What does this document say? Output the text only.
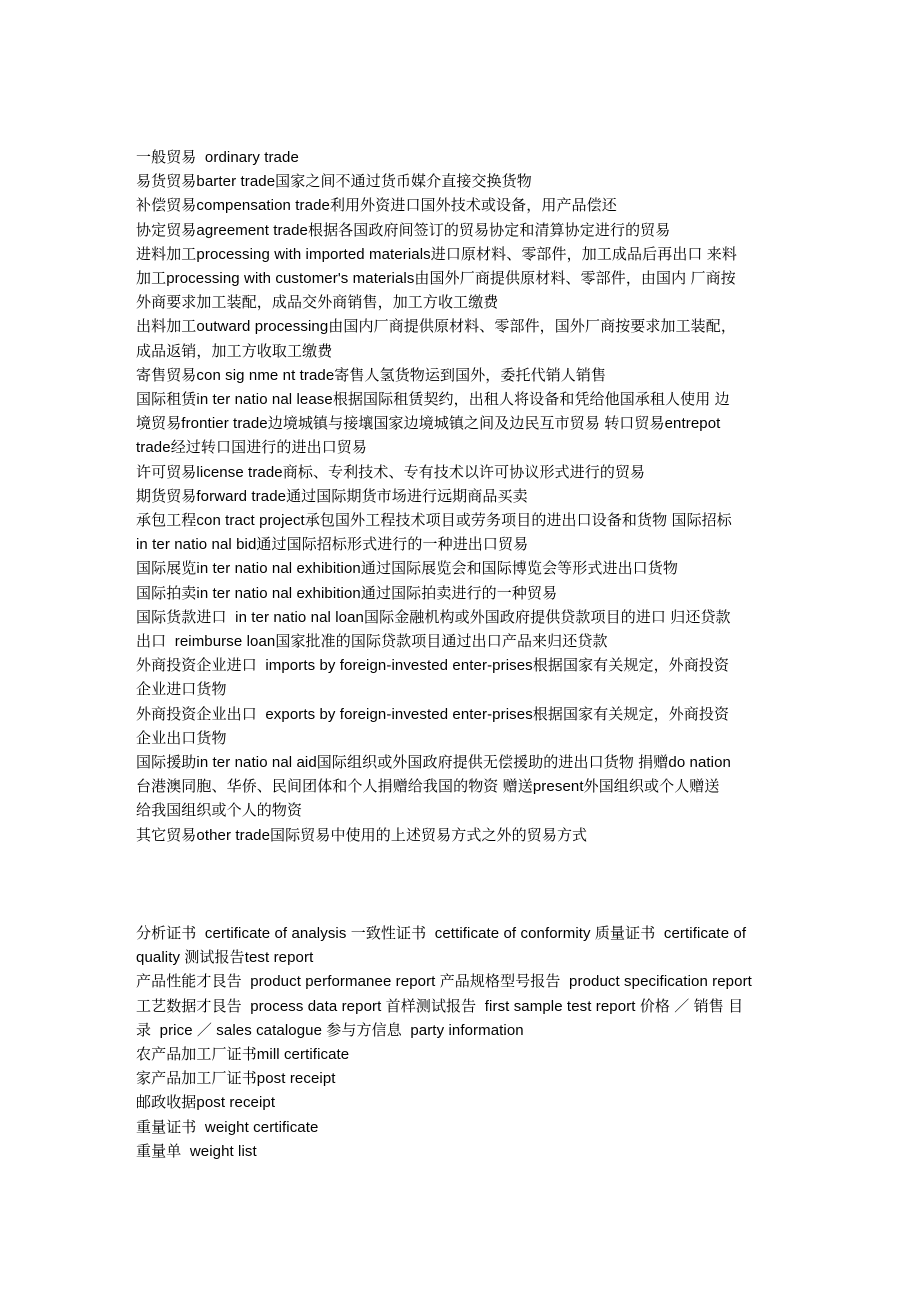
一般贸易  ordinary trade
易货贸易barter trade国家之间不通过货币媒介直接交换货物
补偿贸易compensation trade利用外资进口国外技术或设备，用产品偿还
协定贸易agreement trade根据各国政府间签订的贸易协定和清算协定进行的贸易
进料加工processing with imported materials进口原材料、零部件，加工成品后再出口 来料
加工processing with customer's materials由国外厂商提供原材料、零部件，由国内 厂商按
外商要求加工装配，成品交外商销售，加工方收工缴费
出料加工outward processing由国内厂商提供原材料、零部件，国外厂商按要求加工装配，
成品返销，加工方收取工缴费
寄售贸易con sig nme nt trade寄售人氢货物运到国外，委托代销人销售
国际租赁in ter natio nal lease根据国际租赁契约，出租人将设备和凭给他国承租人使用 边
境贸易frontier trade边境城镇与接壤国家边境城镇之间及边民互市贸易 转口贸易entrepot
trade经过转口国进行的进出口贸易
许可贸易license trade商标、专利技术、专有技术以许可协议形式进行的贸易
期货贸易forward trade通过国际期货市场进行远期商品买卖
承包工程con tract project承包国外工程技术项目或劳务项目的进出口设备和货物 国际招标
in ter natio nal bid通过国际招标形式进行的一种进出口贸易
国际展览in ter natio nal exhibition通过国际展览会和国际博览会等形式进出口货物
国际拍卖in ter natio nal exhibition通过国际拍卖进行的一种贸易
国际货款进口  in ter natio nal loan国际金融机构或外国政府提供贷款项目的进口 归还贷款
出口  reimburse loan国家批准的国际贷款项目通过出口产品来归还贷款
外商投资企业进口  imports by foreign-invested enter-prises根据国家有关规定，外商投资
企业进口货物
外商投资企业出口  exports by foreign-invested enter-prises根据国家有关规定，外商投资
企业出口货物
国际援助in ter natio nal aid国际组织或外国政府提供无偿援助的进出口货物 捐赠do nation
台港澳同胞、华侨、民间团体和个人捐赠给我国的物资 赠送present外国组织或个人赠送
给我国组织或个人的物资
其它贸易other trade国际贸易中使用的上述贸易方式之外的贸易方式
分析证书  certificate of analysis 一致性证书  cettificate of conformity 质量证书  certificate of
quality 测试报告test report
产品性能才艮告  product performanee report 产品规格型号报告  product specification report
工艺数据才艮告  process data report 首样测试报告  first sample test report 价格 ／ 销售 目
录  price ／ sales catalogue 参与方信息  party information
农产品加工厂证书mill certificate
家产品加工厂证书post receipt
邮政收据post receipt
重量证书  weight certificate
重量单  weight list
